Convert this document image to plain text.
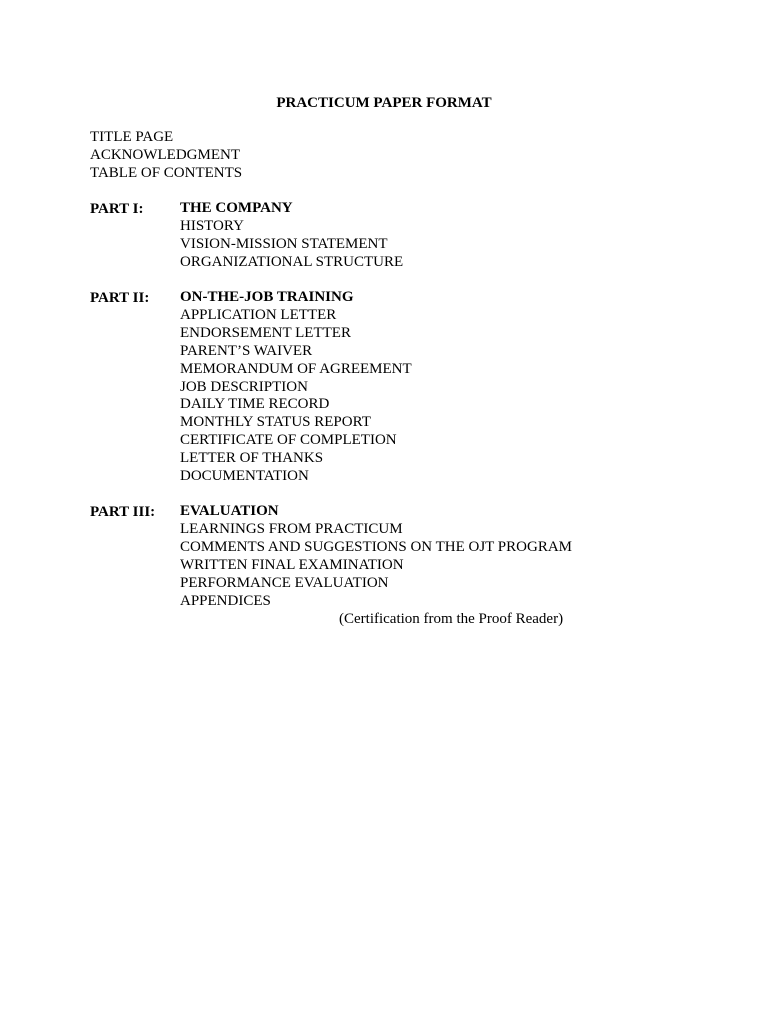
PRACTICUM PAPER FORMAT
TITLE PAGE
ACKNOWLEDGMENT
TABLE OF CONTENTS
PART I: THE COMPANY
HISTORY
VISION-MISSION STATEMENT
ORGANIZATIONAL STRUCTURE
PART II: ON-THE-JOB TRAINING
APPLICATION LETTER
ENDORSEMENT LETTER
PARENT’S WAIVER
MEMORANDUM OF AGREEMENT
JOB DESCRIPTION
DAILY TIME RECORD
MONTHLY STATUS REPORT
CERTIFICATE OF COMPLETION
LETTER OF THANKS
DOCUMENTATION
PART III: EVALUATION
LEARNINGS FROM PRACTICUM
COMMENTS AND SUGGESTIONS ON THE OJT PROGRAM
WRITTEN FINAL EXAMINATION
PERFORMANCE EVALUATION
APPENDICES
(Certification from the Proof Reader)
